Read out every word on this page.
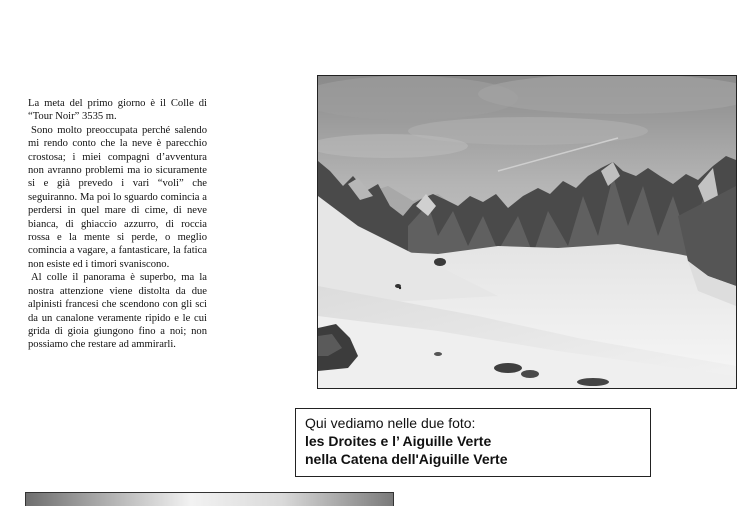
La meta del primo giorno è il Colle di “Tour Noir” 3535 m.

Sono molto preoccupata perché salendo mi rendo conto che la neve è parecchio crostosa; i miei compagni d’avventura non avranno problemi ma io sicuramente si e già prevedo i vari “voli” che seguiranno. Ma poi lo sguardo comincia a perdersi in quel mare di cime, di neve bianca, di ghiaccio azzurro, di roccia rossa e la mente si perde, o meglio comincia a vagare, a fantasticare, la fatica non esiste ed i timori svaniscono.

Al colle il panorama è superbo, ma la nostra attenzione viene distolta da due alpinisti francesi che scendono con gli sci da un canalone veramente ripido e le cui grida di gioia giungono fino a noi; non possiamo che restare ad ammirarli.

Qui vediamo nelle due foto:
les Droites e l’ Aiguille Verte
nella Catena dell'Aiguille Verte
